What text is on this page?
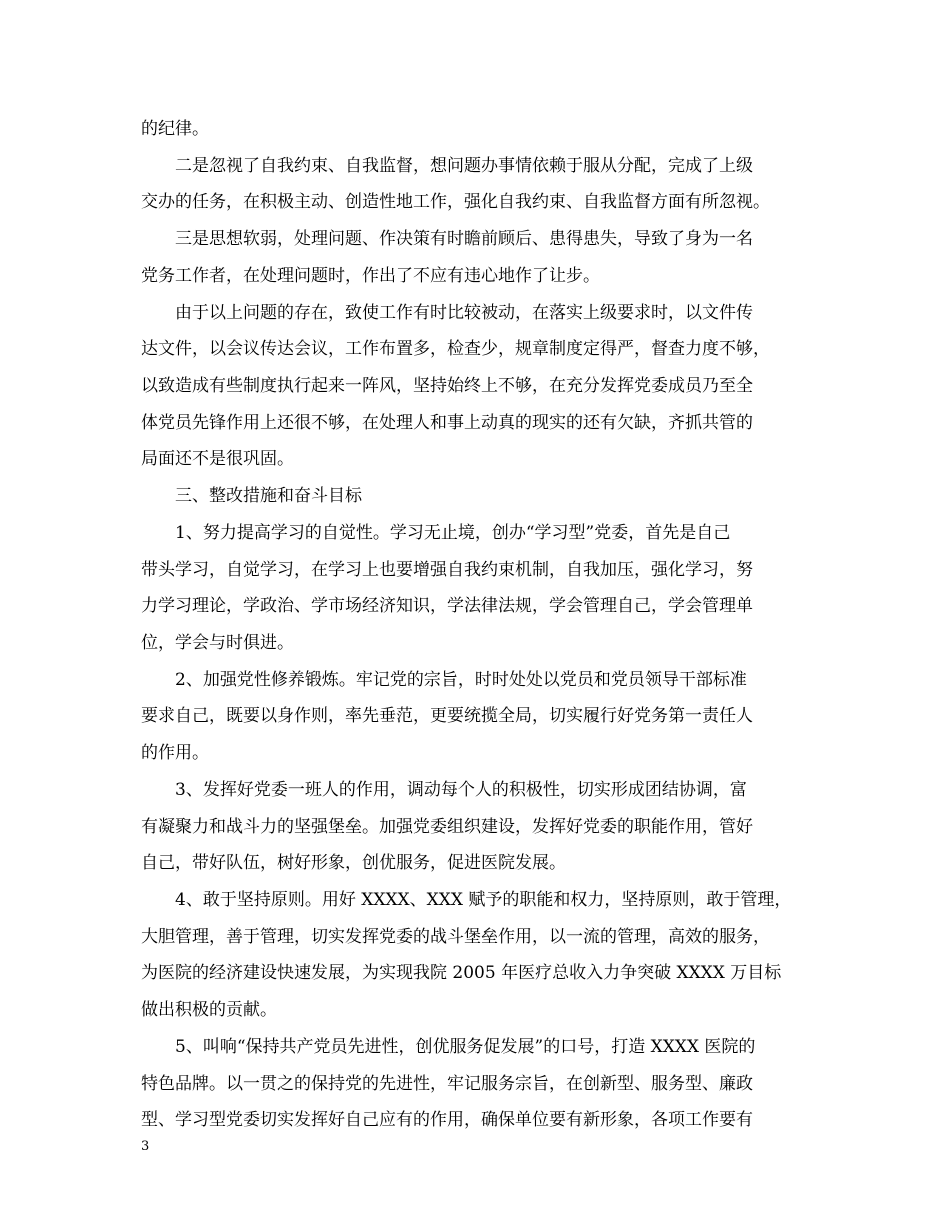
的纪律。
　　二是忽视了自我约束、自我监督，想问题办事情依赖于服从分配，完成了上级
交办的任务，在积极主动、创造性地工作，强化自我约束、自我监督方面有所忽视。
　　三是思想软弱，处理问题、作决策有时瞻前顾后、患得患失，导致了身为一名
党务工作者，在处理问题时，作出了不应有违心地作了让步。
　　由于以上问题的存在，致使工作有时比较被动，在落实上级要求时，以文件传
达文件，以会议传达会议，工作布置多，检查少，规章制度定得严，督查力度不够，
以致造成有些制度执行起来一阵风，坚持始终上不够，在充分发挥党委成员乃至全
体党员先锋作用上还很不够，在处理人和事上动真的现实的还有欠缺，齐抓共管的
局面还不是很巩固。
　　三、整改措施和奋斗目标
　　1、努力提高学习的自觉性。学习无止境，创办“学习型”党委，首先是自己
带头学习，自觉学习，在学习上也要增强自我约束机制，自我加压，强化学习，努
力学习理论，学政治、学市场经济知识，学法律法规，学会管理自己，学会管理单
位，学会与时俱进。
　　2、加强党性修养锻炼。牢记党的宗旨，时时处处以党员和党员领导干部标准
要求自己，既要以身作则，率先垂范，更要统揽全局，切实履行好党务第一责任人
的作用。
　　3、发挥好党委一班人的作用，调动每个人的积极性，切实形成团结协调，富
有凝聚力和战斗力的坚强堡垒。加强党委组织建设，发挥好党委的职能作用，管好
自己，带好队伍，树好形象，创优服务，促进医院发展。
　　4、敢于坚持原则。用好 XXXX、XXX 赋予的职能和权力，坚持原则，敢于管理，
大胆管理，善于管理，切实发挥党委的战斗堡垒作用，以一流的管理，高效的服务，
为医院的经济建设快速发展，为实现我院 2005 年医疗总收入力争突破 XXXX 万目标
做出积极的贡献。
　　5、叫响“保持共产党员先进性，创优服务促发展”的口号，打造 XXXX 医院的
特色品牌。以一贯之的保持党的先进性，牢记服务宗旨，在创新型、服务型、廉政
型、学习型党委切实发挥好自己应有的作用，确保单位要有新形象，各项工作要有
3
